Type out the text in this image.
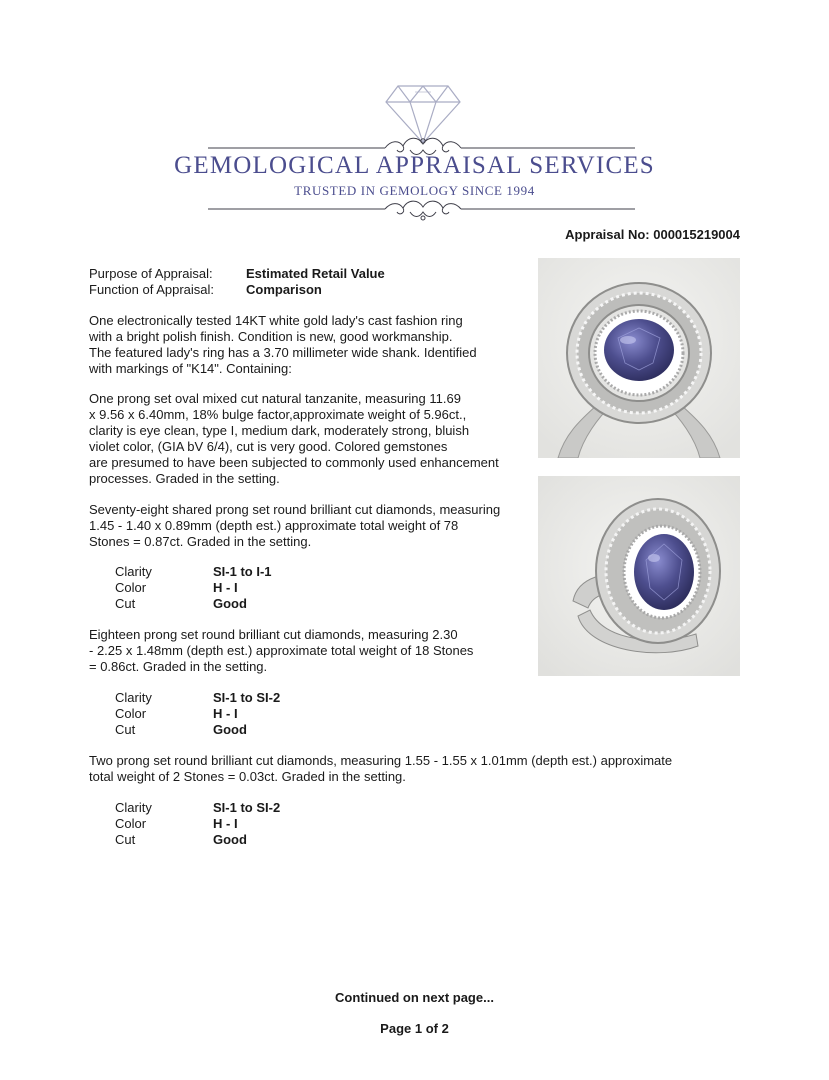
GEMOLOGICAL APPRAISAL SERVICES
TRUSTED IN GEMOLOGY SINCE 1994
Appraisal No: 000015219004
Purpose of Appraisal:	Estimated Retail Value
Function of Appraisal: Comparison
One electronically tested 14KT white gold lady's cast fashion ring
with a bright polish finish. Condition is new, good workmanship.
The featured lady's ring has a 3.70 millimeter wide shank. Identified
with markings of "K14". Containing:
One prong set oval mixed cut natural tanzanite, measuring 11.69
x 9.56 x 6.40mm, 18% bulge factor,approximate weight of 5.96ct.,
clarity is eye clean, type I, medium dark, moderately strong, bluish
violet color, (GIA bV 6/4), cut is very good. Colored gemstones
are presumed to have been subjected to commonly used enhancement
processes. Graded in the setting.
Seventy-eight shared prong set round brilliant cut diamonds, measuring
1.45 - 1.40 x 0.89mm (depth est.) approximate total weight of 78
Stones = 0.87ct. Graded in the setting.
Clarity	SI-1 to I-1
Color	H - I
Cut	Good
Eighteen prong set round brilliant cut diamonds, measuring 2.30
- 2.25 x 1.48mm (depth est.) approximate total weight of 18 Stones
= 0.86ct. Graded in the setting.
Clarity	SI-1 to SI-2
Color	H - I
Cut	Good
Two prong set round brilliant cut diamonds, measuring 1.55 - 1.55 x 1.01mm (depth est.) approximate
total weight of 2 Stones = 0.03ct. Graded in the setting.
Clarity	SI-1 to SI-2
Color	H - I
Cut	Good
Continued on next page...
Page 1 of 2
